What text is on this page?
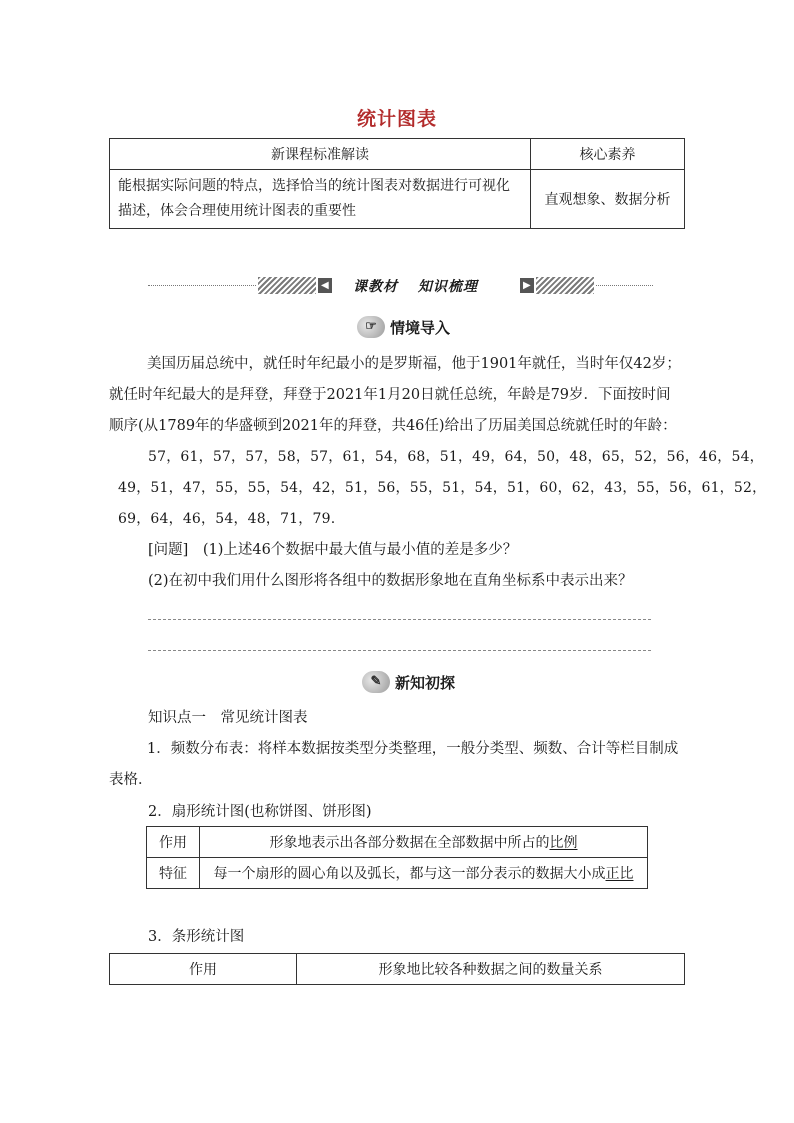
统计图表
新课程标准解读	核心素养
能根据实际问题的特点，选择恰当的统计图表对数据进行可视化描述，体会合理使用统计图表的重要性	直观想象、数据分析
◀ 课教材 知识梳理	▶
☞ 情境导入
美国历届总统中，就任时年纪最小的是罗斯福，他于1901年就任，当时年仅42岁；就任时年纪最大的是拜登，拜登于2021年1月20日就任总统，年龄是79岁．下面按时间顺序(从1789年的华盛顿到2021年的拜登，共46任)给出了历届美国总统就任时的年龄：
57，61，57，57，58，57，61，54，68，51，49，64，50，48，65，52，56，46，54，
49，51，47，55，55，54，42，51，56，55，51，54，51，60，62，43，55，56，61，52，
69，64，46，54，48，71，79.
[问题]　(1)上述46个数据中最大值与最小值的差是多少？
(2)在初中我们用什么图形将各组中的数据形象地在直角坐标系中表示出来？
✎ 新知初探
知识点一　常见统计图表
1．频数分布表：将样本数据按类型分类整理，一般分类型、频数、合计等栏目制成表格．
2．扇形统计图(也称饼图、饼形图)
作用	形象地表示出各部分数据在全部数据中所占的比例
特征	每一个扇形的圆心角以及弧长，都与这一部分表示的数据大小成正比
3．条形统计图
作用	形象地比较各种数据之间的数量关系
